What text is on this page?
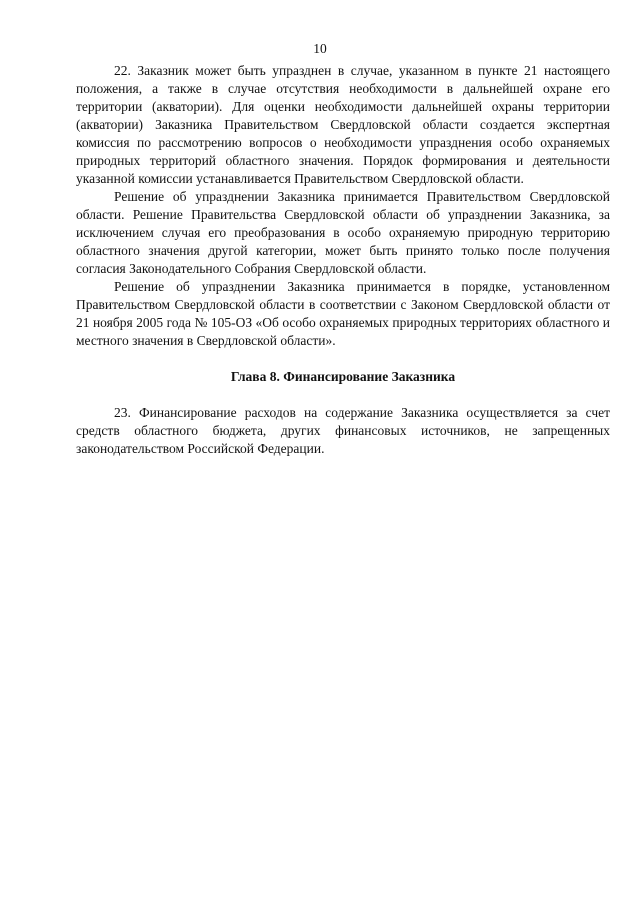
10

22. Заказник может быть упразднен в случае, указанном в пункте 21 настоящего положения, а также в случае отсутствия необходимости в дальнейшей охране его территории (акватории). Для оценки необходимости дальнейшей охраны территории (акватории) Заказника Правительством Свердловской области создается экспертная комиссия по рассмотрению вопросов о необходимости упразднения особо охраняемых природных территорий областного значения. Порядок формирования и деятельности указанной комиссии устанавливается Правительством Свердловской области.

Решение об упразднении Заказника принимается Правительством Свердловской области. Решение Правительства Свердловской области об упразднении Заказника, за исключением случая его преобразования в особо охраняемую природную территорию областного значения другой категории, может быть принято только после получения согласия Законодательного Собрания Свердловской области.

Решение об упразднении Заказника принимается в порядке, установленном Правительством Свердловской области в соответствии с Законом Свердловской области от 21 ноября 2005 года № 105-ОЗ «Об особо охраняемых природных территориях областного и местного значения в Свердловской области».

Глава 8. Финансирование Заказника

23. Финансирование расходов на содержание Заказника осуществляется за счет средств областного бюджета, других финансовых источников, не запрещенных законодательством Российской Федерации.
